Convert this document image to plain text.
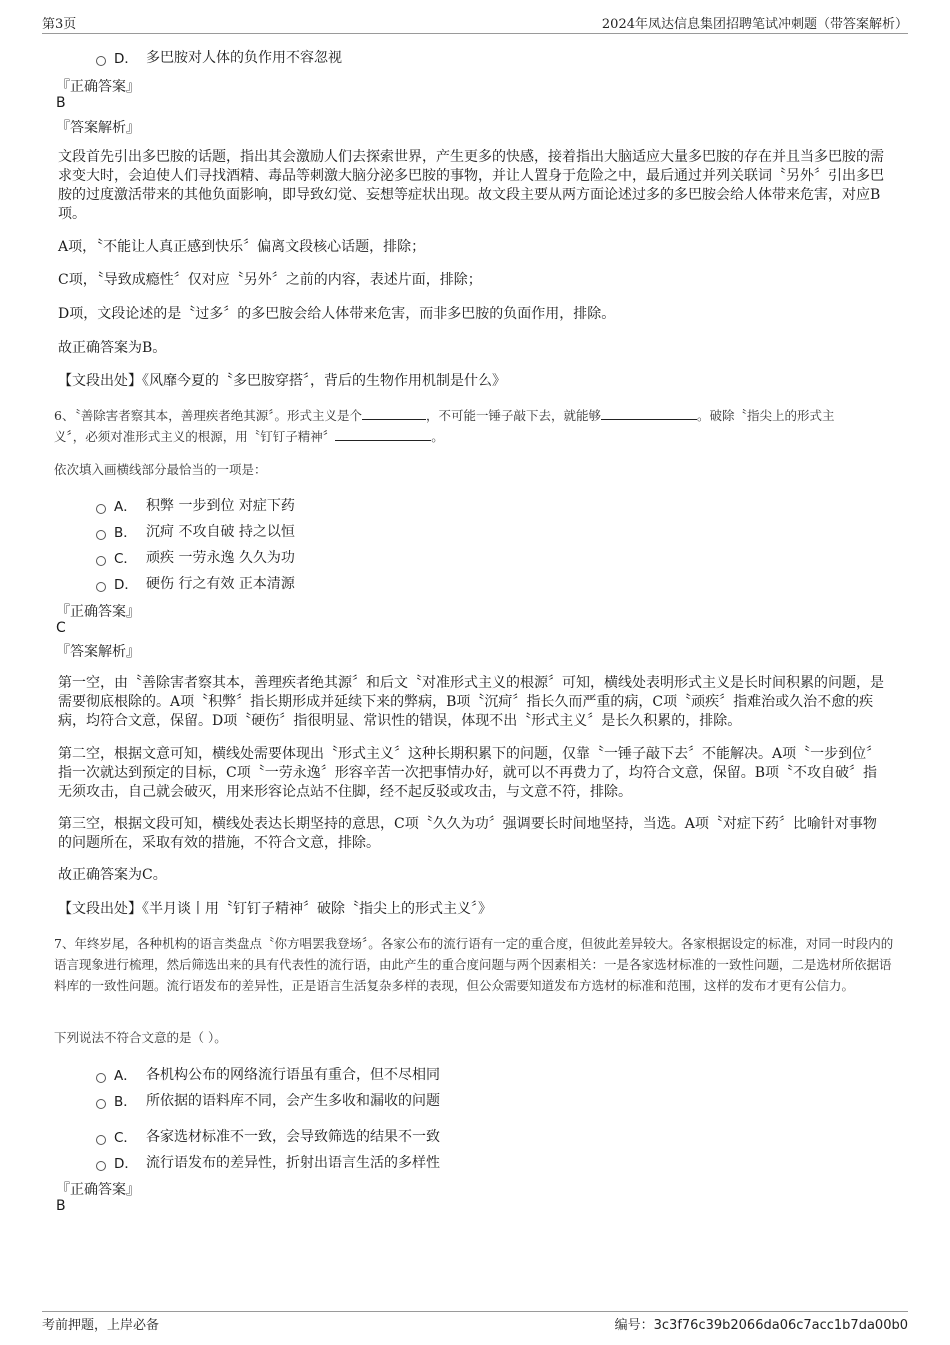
第3页	2024年凤达信息集团招聘笔试冲刺题（带答案解析）
D． 多巴胺对人体的负作用不容忽视
『正确答案』
B
『答案解析』
文段首先引出多巴胺的话题，指出其会激励人们去探索世界，产生更多的快感，接着指出大脑适应大量多巴胺的存在并且当多巴胺的需求变大时，会迫使人们寻找酒精、毒品等刺激大脑分泌多巴胺的事物，并让人置身于危险之中，最后通过并列关联词〝另外〞引出多巴胺的过度激活带来的其他负面影响，即导致幻觉、妄想等症状出现。故文段主要从两方面论述过多的多巴胺会给人体带来危害，对应B项。
A项，〝不能让人真正感到快乐〞偏离文段核心话题，排除；
C项，〝导致成瘾性〞仅对应〝另外〞之前的内容，表述片面，排除；
D项，文段论述的是〝过多〞的多巴胺会给人体带来危害，而非多巴胺的负面作用，排除。
故正确答案为B。
【文段出处】《风靡今夏的〝多巴胺穿搭〞，背后的生物作用机制是什么》
6、〝善除害者察其本，善理疾者绝其源〞。形式主义是个	，不可能一锤子敲下去，就能够	。破除〝指尖上的形式主
义〞，必须对准形式主义的根源，用〝钉钉子精神〞	。
依次填入画横线部分最恰当的一项是：
A． 积弊 一步到位 对症下药
B． 沉疴 不攻自破 持之以恒
C． 顽疾 一劳永逸 久久为功
D． 硬伤 行之有效 正本清源
『正确答案』
C
『答案解析』
第一空，由〝善除害者察其本，善理疾者绝其源〞和后文〝对准形式主义的根源〞可知，横线处表明形式主义是长时间积累的问题，是需要彻底根除的。A项〝积弊〞指长期形成并延续下来的弊病，B项〝沉疴〞指长久而严重的病，C项〝顽疾〞指难治或久治不愈的疾病，均符合文意，保留。D项〝硬伤〞指很明显、常识性的错误，体现不出〝形式主义〞是长久积累的，排除。
第二空，根据文意可知，横线处需要体现出〝形式主义〞这种长期积累下的问题，仅靠〝一锤子敲下去〞不能解决。A项〝一步到位〞指一次就达到预定的目标，C项〝一劳永逸〞形容辛苦一次把事情办好，就可以不再费力了，均符合文意，保留。B项〝不攻自破〞指无须攻击，自己就会破灭，用来形容论点站不住脚，经不起反驳或攻击，与文意不符，排除。
第三空，根据文段可知，横线处表达长期坚持的意思，C项〝久久为功〞强调要长时间地坚持，当选。A项〝对症下药〞比喻针对事物的问题所在，采取有效的措施，不符合文意，排除。
故正确答案为C。
【文段出处】《半月谈丨用〝钉钉子精神〞破除〝指尖上的形式主义〞》
7、年终岁尾，各种机构的语言类盘点〝你方唱罢我登场〞。各家公布的流行语有一定的重合度，但彼此差异较大。各家根据设定的标准，对同一时段内的语言现象进行梳理，然后筛选出来的具有代表性的流行语，由此产生的重合度问题与两个因素相关：一是各家选材标准的一致性问题，二是选材所依据语料库的一致性问题。流行语发布的差异性，正是语言生活复杂多样的表现，但公众需要知道发布方选材的标准和范围，这样的发布才更有公信力。
下列说法不符合文意的是（ ）。
A． 各机构公布的网络流行语虽有重合，但不尽相同
B． 所依据的语料库不同，会产生多收和漏收的问题
C． 各家选材标准不一致，会导致筛选的结果不一致
D． 流行语发布的差异性，折射出语言生活的多样性
『正确答案』
B
考前押题，上岸必备	编号：3c3f76c39b2066da06c7acc1b7da00b0
